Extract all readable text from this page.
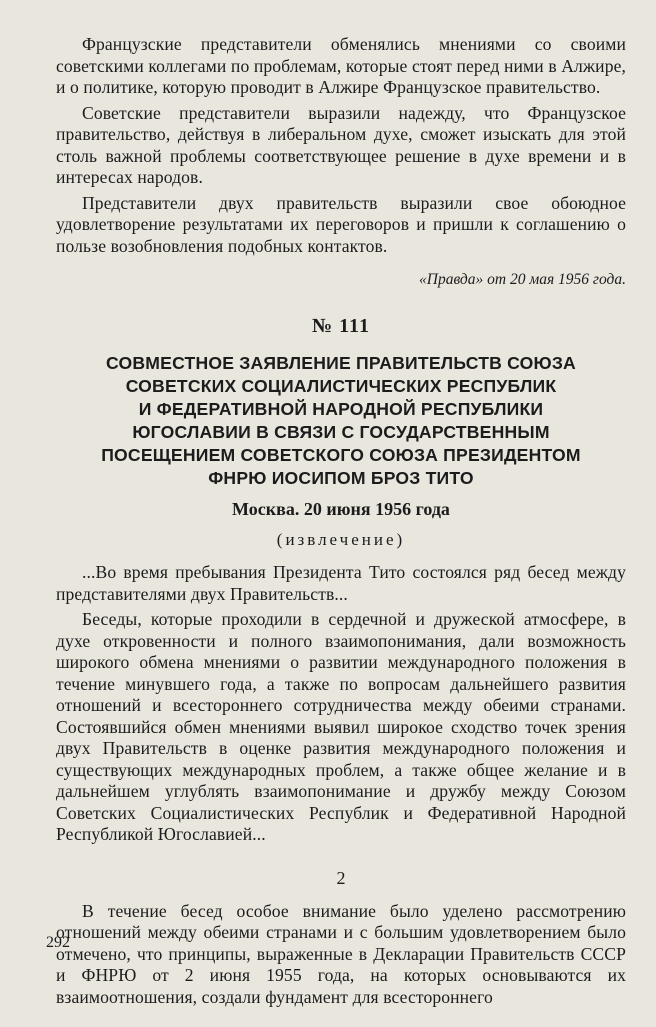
Французские представители обменялись мнениями со своими советскими коллегами по проблемам, которые стоят перед ними в Алжире, и о политике, которую проводит в Алжире Французское правительство.

Советские представители выразили надежду, что Французское правительство, действуя в либеральном духе, сможет изыскать для этой столь важной проблемы соответствующее решение в духе времени и в интересах народов.

Представители двух правительств выразили свое обоюдное удовлетворение результатами их переговоров и пришли к соглашению о пользе возобновления подобных контактов.

«Правда» от 20 мая 1956 года.
№ 111
СОВМЕСТНОЕ ЗАЯВЛЕНИЕ ПРАВИТЕЛЬСТВ СОЮЗА
СОВЕТСКИХ СОЦИАЛИСТИЧЕСКИХ РЕСПУБЛИК
И ФЕДЕРАТИВНОЙ НАРОДНОЙ РЕСПУБЛИКИ
ЮГОСЛАВИИ В СВЯЗИ С ГОСУДАРСТВЕННЫМ
ПОСЕЩЕНИЕМ СОВЕТСКОГО СОЮЗА ПРЕЗИДЕНТОМ
ФНРЮ ИОСИПОМ БРОЗ ТИТО
Москва. 20 июня 1956 года
(извлечение)

...Во время пребывания Президента Тито состоялся ряд бесед между представителями двух Правительств...

Беседы, которые проходили в сердечной и дружеской атмосфере, в духе откровенности и полного взаимопонимания, дали возможность широкого обмена мнениями о развитии международного положения в течение минувшего года, а также по вопросам дальнейшего развития отношений и всестороннего сотрудничества между обеими странами. Состоявшийся обмен мнениями выявил широкое сходство точек зрения двух Правительств в оценке развития международного положения и существующих международных проблем, а также общее желание и в дальнейшем углублять взаимопонимание и дружбу между Союзом Советских Социалистических Республик и Федеративной Народной Республикой Югославией...

2

В течение бесед особое внимание было уделено рассмотрению отношений между обеими странами и с большим удовлетворением было отмечено, что принципы, выраженные в Декларации Правительств СССР и ФНРЮ от 2 июня 1955 года, на которых основываются их взаимоотношения, создали фундамент для всестороннего

292
